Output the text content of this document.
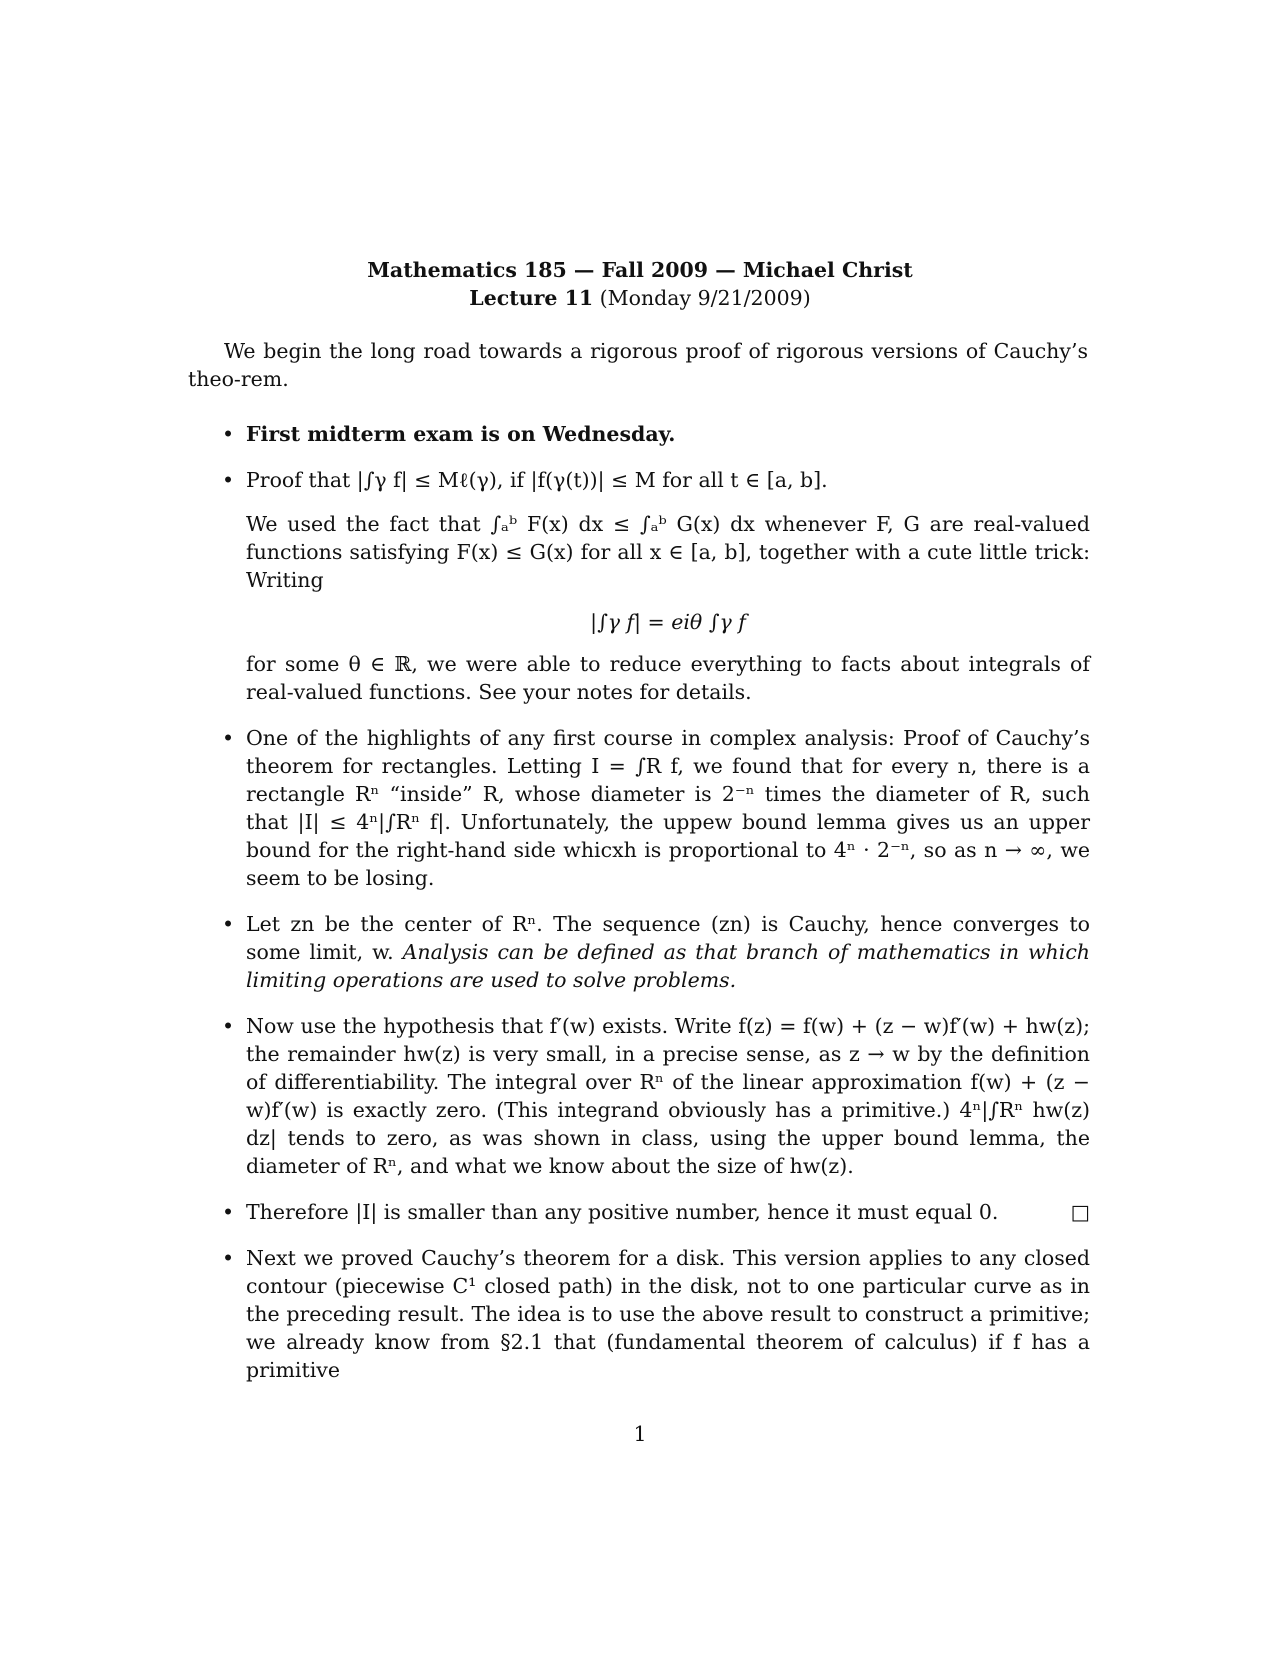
Mathematics 185 — Fall 2009 — Michael Christ
Lecture 11 (Monday 9/21/2009)

We begin the long road towards a rigorous proof of rigorous versions of Cauchy’s theo-rem.

• First midterm exam is on Wednesday.

• Proof that |∫γ f| ≤ Mℓ(γ), if |f(γ(t))| ≤ M for all t ∈ [a, b].

We used the fact that ∫ₐᵇ F(x) dx ≤ ∫ₐᵇ G(x) dx whenever F, G are real-valued functions satisfying F(x) ≤ G(x) for all x ∈ [a, b], together with a cute little trick: Writing

|∫γ f| = eiθ ∫γ f

for some θ ∈ ℝ, we were able to reduce everything to facts about integrals of real-valued functions. See your notes for details.

• One of the highlights of any first course in complex analysis: Proof of Cauchy’s theorem for rectangles. Letting I = ∫R f, we found that for every n, there is a rectangle Rⁿ “inside” R, whose diameter is 2⁻ⁿ times the diameter of R, such that |I| ≤ 4ⁿ|∫Rⁿ f|. Unfortunately, the uppew bound lemma gives us an upper bound for the right-hand side whicxh is proportional to 4ⁿ · 2⁻ⁿ, so as n → ∞, we seem to be losing.

• Let zn be the center of Rⁿ. The sequence (zn) is Cauchy, hence converges to some limit, w. Analysis can be defined as that branch of mathematics in which limiting operations are used to solve problems.

• Now use the hypothesis that f′(w) exists. Write f(z) = f(w) + (z − w)f′(w) + hw(z); the remainder hw(z) is very small, in a precise sense, as z → w by the definition of differentiability. The integral over Rⁿ of the linear approximation f(w) + (z − w)f′(w) is exactly zero. (This integrand obviously has a primitive.) 4ⁿ|∫Rⁿ hw(z) dz| tends to zero, as was shown in class, using the upper bound lemma, the diameter of Rⁿ, and what we know about the size of hw(z).

• Therefore |I| is smaller than any positive number, hence it must equal 0.	□

• Next we proved Cauchy’s theorem for a disk. This version applies to any closed contour (piecewise C¹ closed path) in the disk, not to one particular curve as in the preceding result. The idea is to use the above result to construct a primitive; we already know from §2.1 that (fundamental theorem of calculus) if f has a primitive

1
